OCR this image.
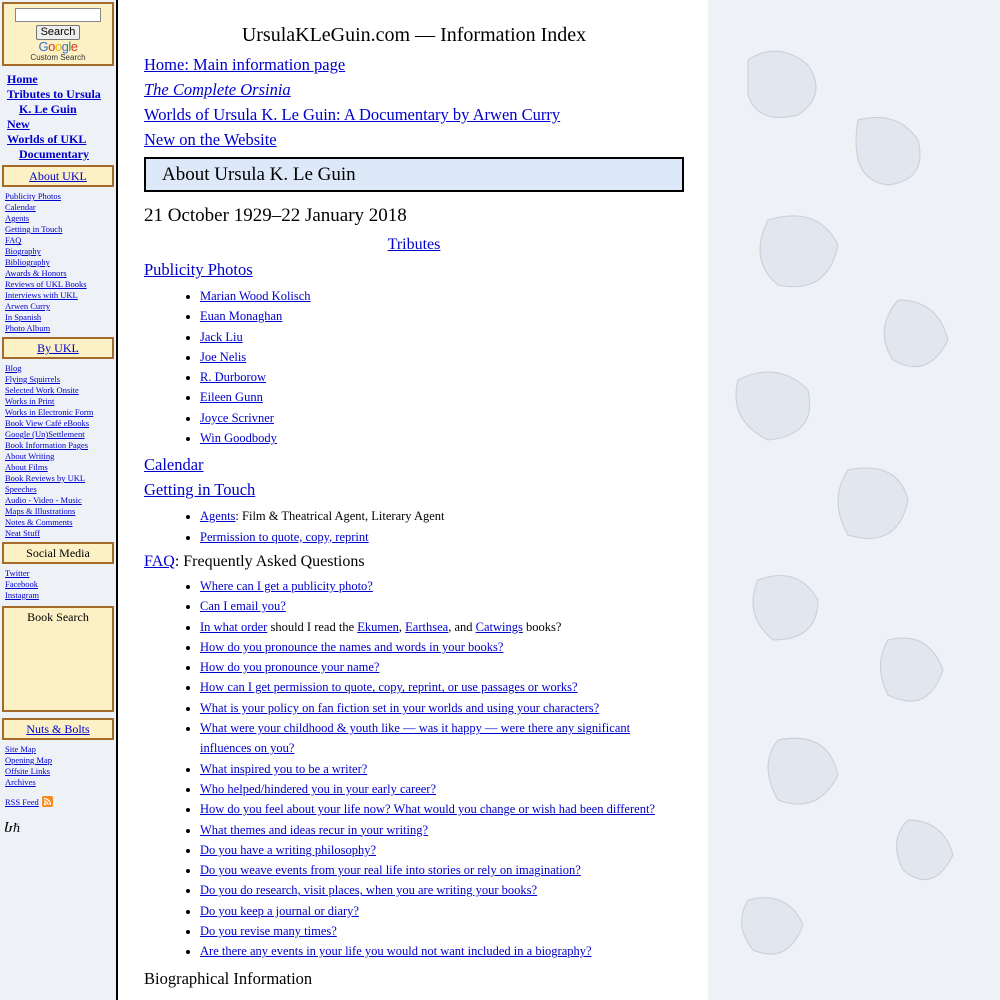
Search
Google
Custom Search
Home
Tributes to Ursula K. Le Guin
New
Worlds of UKL Documentary
About UKL
Publicity Photos
Calendar
Agents
Getting in Touch
FAQ
Biography
Bibliography
Awards & Honors
Reviews of UKL Books
Interviews with UKL
Arwen Curry
In Spanish
Photo Album
By UKL
Blog
Flying Squirrels
Selected Work Onsite
Works in Print
Works in Electronic Form
Book View Café eBooks
Google (Un)Settlement
Book Information Pages
About Writing
About Films
Book Reviews by UKL
Speeches
Audio - Video - Music
Maps & Illustrations
Notes & Comments
Neat Stuff
Social Media
Twitter
Facebook
Instagram
Book Search
Nuts & Bolts
Site Map
Opening Map
Offsite Links
Archives
RSS Feed
Ⴑℏ
UrsulaKLeGuin.com — Information Index
Home: Main information page
The Complete Orsinia
Worlds of Ursula K. Le Guin: A Documentary by Arwen Curry
New on the Website
About Ursula K. Le Guin
21 October 1929–22 January 2018
Tributes
Publicity Photos
• Marian Wood Kolisch
• Euan Monaghan
• Jack Liu
• Joe Nelis
• R. Durborow
• Eileen Gunn
• Joyce Scrivner
• Win Goodbody
Calendar
Getting in Touch
• Agents: Film & Theatrical Agent, Literary Agent
• Permission to quote, copy, reprint
FAQ: Frequently Asked Questions
• Where can I get a publicity photo?
• Can I email you?
• In what order should I read the Ekumen, Earthsea, and Catwings books?
• How do you pronounce the names and words in your books?
• How do you pronounce your name?
• How can I get permission to quote, copy, reprint, or use passages or works?
• What is your policy on fan fiction set in your worlds and using your characters?
• What were your childhood & youth like — was it happy — were there any significant influences on you?
• What inspired you to be a writer?
• Who helped/hindered you in your early career?
• How do you feel about your life now? What would you change or wish had been different?
• What themes and ideas recur in your writing?
• Do you have a writing philosophy?
• Do you weave events from your real life into stories or rely on imagination?
• Do you do research, visit places, when you are writing your books?
• Do you keep a journal or diary?
• Do you revise many times?
• Are there any events in your life you would not want included in a biography?
Biographical Information
